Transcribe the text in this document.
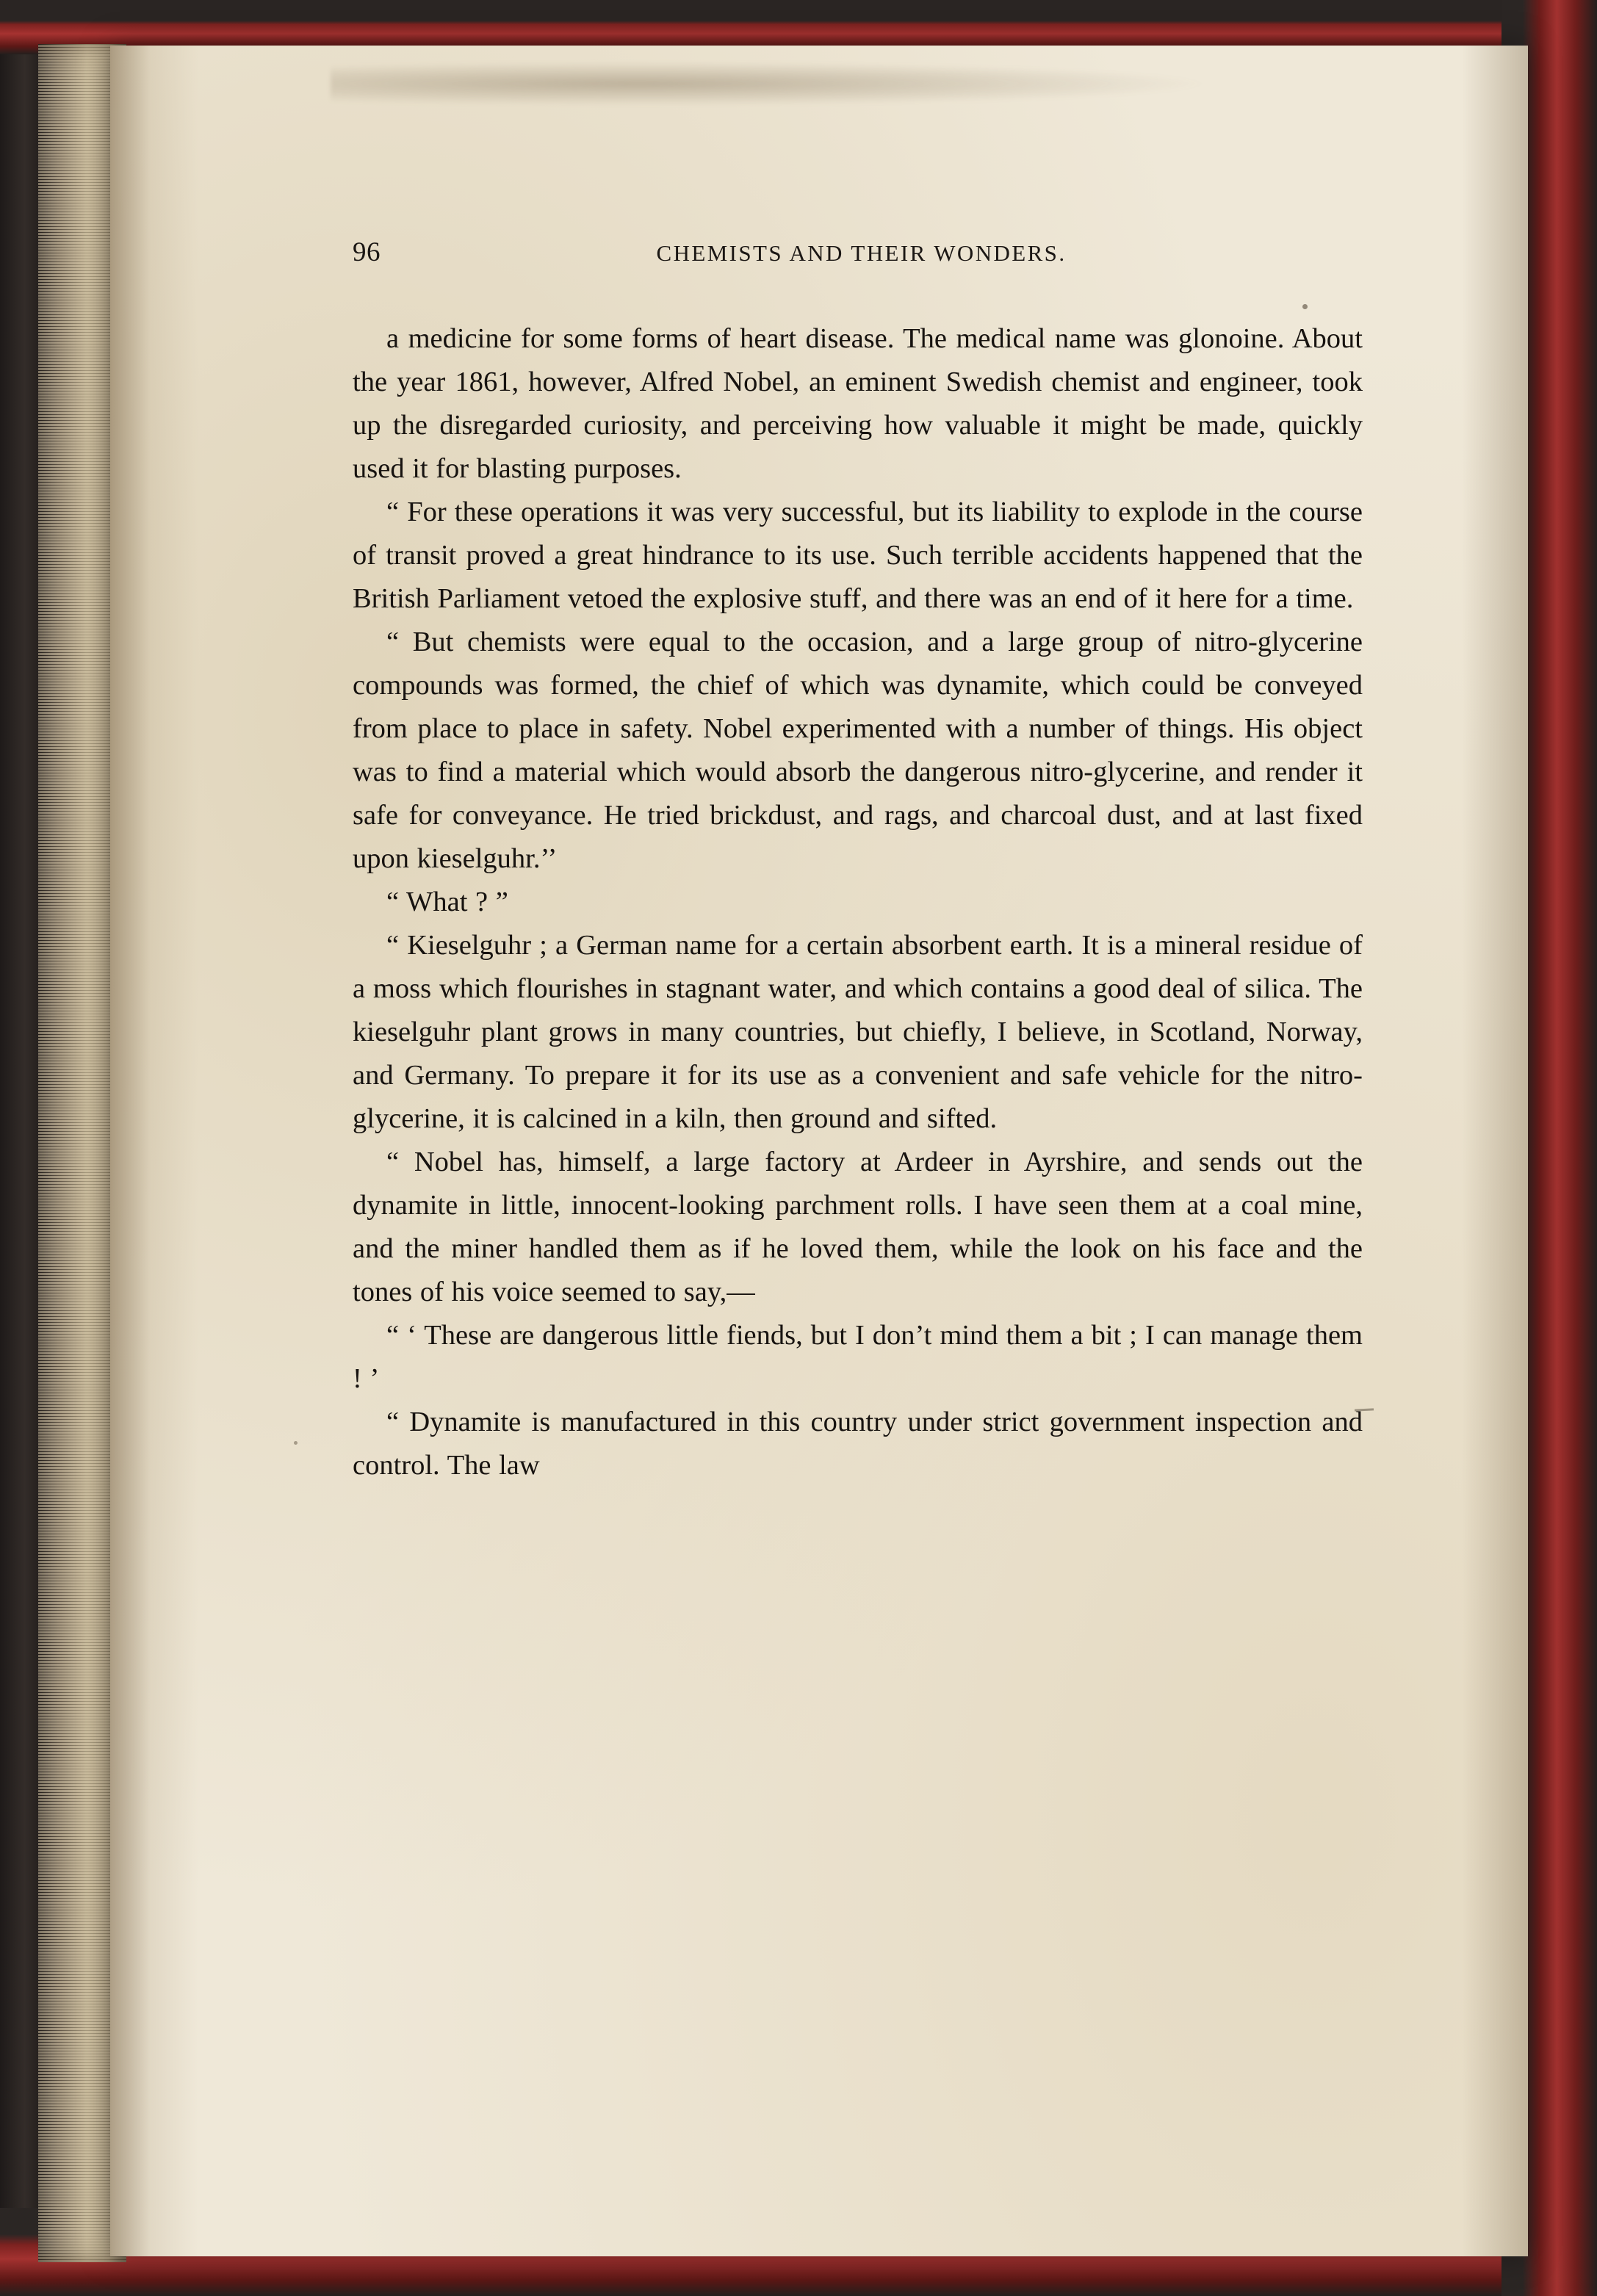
96	CHEMISTS AND THEIR WONDERS.

a medicine for some forms of heart disease. The medical name was glonoine. About the year 1861, however, Alfred Nobel, an eminent Swedish chemist and engineer, took up the disregarded curiosity, and perceiving how valuable it might be made, quickly used it for blasting purposes.

“ For these operations it was very successful, but its liability to explode in the course of transit proved a great hindrance to its use. Such terrible accidents happened that the British Parliament vetoed the explosive stuff, and there was an end of it here for a time.

“ But chemists were equal to the occasion, and a large group of nitro-glycerine compounds was formed, the chief of which was dynamite, which could be conveyed from place to place in safety. Nobel experimented with a number of things. His object was to find a material which would absorb the dangerous nitro-glycerine, and render it safe for conveyance. He tried brickdust, and rags, and charcoal dust, and at last fixed upon kieselguhr.’’

“ What ? ”

“ Kieselguhr ; a German name for a certain absorbent earth. It is a mineral residue of a moss which flourishes in stagnant water, and which contains a good deal of silica. The kieselguhr plant grows in many countries, but chiefly, I believe, in Scotland, Norway, and Germany. To prepare it for its use as a convenient and safe vehicle for the nitro-glycerine, it is calcined in a kiln, then ground and sifted.

“ Nobel has, himself, a large factory at Ardeer in Ayrshire, and sends out the dynamite in little, innocent-looking parchment rolls. I have seen them at a coal mine, and the miner handled them as if he loved them, while the look on his face and the tones of his voice seemed to say,—

“ ‘ These are dangerous little fiends, but I don’t mind them a bit ; I can manage them ! ’

“ Dynamite is manufactured in this country under strict government inspection and control. The law
